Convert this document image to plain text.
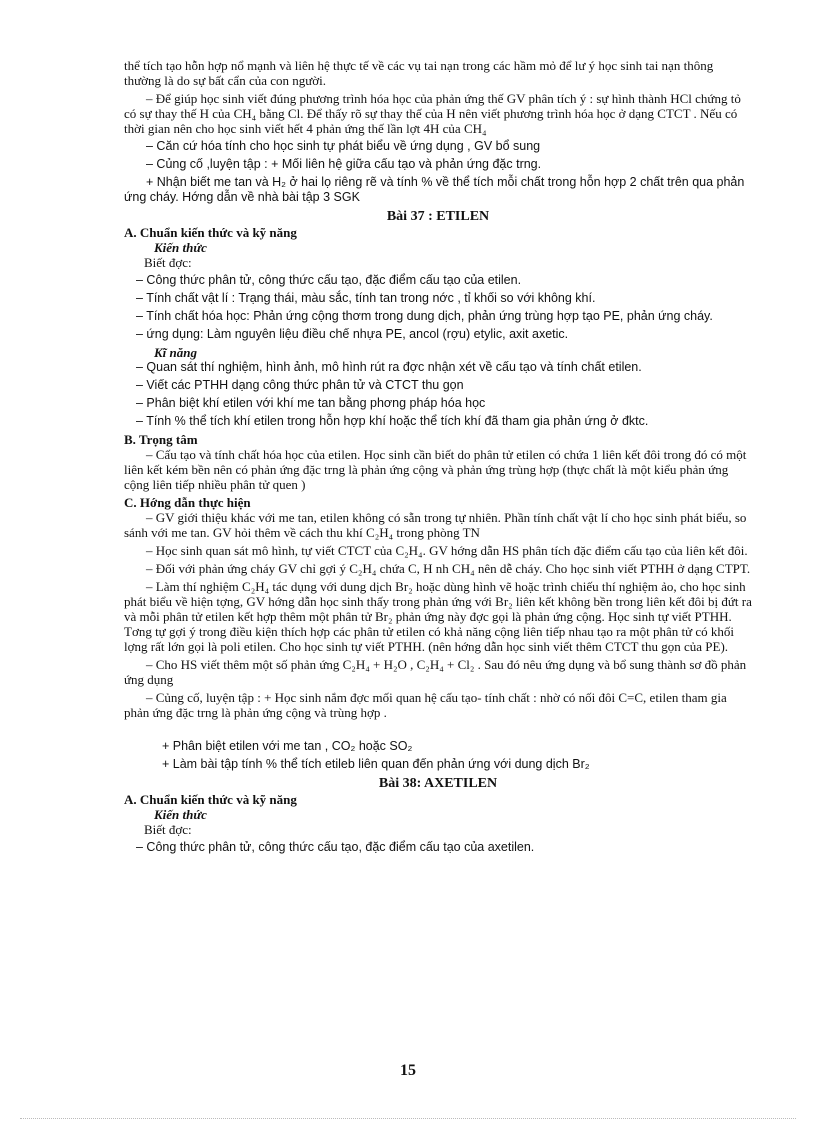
thể tích tạo hỗn hợp nổ mạnh và liên hệ thực tế về các vụ tai nạn trong các hầm mỏ để lư ý học sinh tai nạn thông thường là do sự bất cẩn của con người.

– Để giúp học sinh viết đúng phương trình hóa học của phản ứng thế GV phân tích ý : sự hình thành HCl chứng tỏ có sự thay thế H của CH₄ bằng Cl. Để thấy rõ sự thay thế của H nên viết phương trình hóa học ở dạng CTCT . Nếu có thời gian nên cho học sinh viết hết 4 phản ứng thế lần lợt 4H của CH₄

– Căn cứ hóa tính cho học sinh tự phát biểu về ứng dụng , GV bổ sung

– Củng cố ,luyện tập : + Mối liên hệ giữa cấu tạo và phản ứng đặc trng.

+ Nhận biết me tan và H₂ ở hai lọ riêng rẽ và tính % về thể tích mỗi chất trong hỗn hợp 2 chất trên qua phản ứng cháy. Hớng dẫn về nhà bài tập 3 SGK

Bài 37 : ETILEN

A. Chuẩn kiến thức và kỹ năng

Kiến thức

Biết đợc:

– Công thức phân tử, công thức cấu tạo, đặc điểm cấu tạo của etilen.

– Tính chất vật lí : Trạng thái, màu sắc, tính tan trong nớc , tỉ khối so với không khí.

– Tính chất hóa học: Phản ứng cộng thơm trong dung dịch, phản ứng trùng hợp tạo PE, phản ứng cháy.

– ứng dụng: Làm nguyên liệu điều chế nhựa PE, ancol (rợu) etylic, axit axetic.

Kĩ năng

– Quan sát thí nghiệm, hình ảnh, mô hình rút ra đợc nhận xét về cấu tạo và tính chất etilen.

– Viết các PTHH dạng công thức phân tử và CTCT thu gọn

– Phân biệt khí etilen với khí me tan bằng phơng pháp hóa học

– Tính % thể tích khí etilen trong hỗn hợp khí hoặc thể tích khí đã tham gia phản ứng ở đktc.

B. Trọng tâm

– Cấu tạo và tính chất hóa học của etilen. Học sinh cần biết do phân tử etilen có chứa 1 liên kết đôi trong đó có một liên kết kém bền nên có phản ứng đặc trng là phản ứng cộng và phản ứng trùng hợp (thực chất là một kiểu phản ứng cộng liên tiếp nhiều phân tử quen )

C. Hớng dẫn thực hiện

– GV giới thiệu khác với me tan, etilen không có sẵn trong tự nhiên. Phần tính chất vật lí cho học sinh phát biểu, so sánh với me tan. GV hỏi thêm về cách thu khí C₂H₄ trong phòng TN

– Học sinh quan sát mô hình, tự viết CTCT của C₂H₄. GV hớng dẫn HS phân tích đặc điểm cấu tạo của liên kết đôi.

– Đối với phản ứng cháy GV chỉ gợi ý C₂H₄ chứa C, H nh CH₄ nên dễ cháy. Cho học sinh viết PTHH ở dạng CTPT.

– Làm thí nghiệm C₂H₄ tác dụng với dung dịch Br₂ hoặc dùng hình vẽ hoặc trình chiếu thí nghiệm ảo, cho học sinh phát biểu về hiện tợng, GV hớng dẫn học sinh thấy trong phản ứng với Br₂ liên kết không bền trong liên kết đôi bị đứt ra và mỗi phân tử etilen kết hợp thêm một phân tử Br₂ phản ứng này đợc gọi là phản ứng cộng. Học sinh tự viết PTHH. Tơng tự gợi ý trong điều kiện thích hợp các phân tử etilen có khả năng cộng liên tiếp nhau tạo ra một phân tử có khối lợng rất lớn gọi là poli etilen. Cho học sinh tự viết PTHH. (nên hớng dẫn học sinh viết thêm CTCT thu gọn của PE).

– Cho HS viết thêm một số phản ứng C₂H₄ + H₂O , C₂H₄ + Cl₂ . Sau đó nêu ứng dụng và bổ sung thành sơ đồ phản ứng dụng

– Củng cố, luyện tập : + Học sinh nắm đợc mối quan hệ cấu tạo- tính chất : nhờ có nối đôi C=C, etilen tham gia phản ứng đặc trng là phản ứng cộng và trùng hợp .

+ Phân biệt etilen với me tan , CO₂ hoặc SO₂

+ Làm bài tập tính % thể tích etileb liên quan đến phản ứng với dung dịch Br₂

Bài 38: AXETILEN

A. Chuẩn kiến thức và kỹ năng

Kiến thức

Biết đợc:

– Công thức phân tử, công thức cấu tạo, đặc điểm cấu tạo của axetilen.

15
